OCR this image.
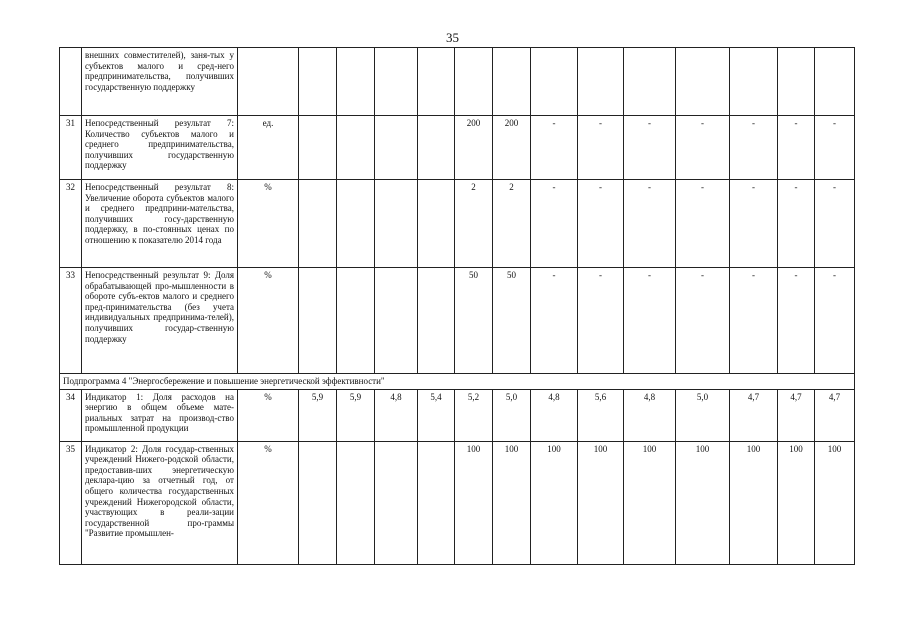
35
	внешних совместителей), заня-тых у субъектов малого и сред-него предпринимательства, получивших государственную поддержку														
31	Непосредственный результат 7: Количество субъектов малого и среднего предпринимательства, получивших государственную поддержку	ед.					200	200	-	-	-	-	-	-	-
32	Непосредственный результат 8: Увеличение оборота субъектов малого и среднего предприни-мательства, получивших госу-дарственную поддержку, в по-стоянных ценах по отношению к показателю 2014 года	%					2	2	-	-	-	-	-	-	-
33	Непосредственный результат 9: Доля обрабатывающей про-мышленности в обороте субъ-ектов малого и среднего пред-принимательства (без учета индивидуальных предпринима-телей), получивших государ-ственную поддержку	%					50	50	-	-	-	-	-	-	-
Подпрограмма 4 "Энергосбережение и повышение энергетической эффективности"															
34	Индикатор 1: Доля расходов на энергию в общем объеме мате-риальных затрат на производ-ство промышленной продукции	%	5,9	5,9	4,8	5,4	5,2	5,0	4,8	5,6	4,8	5,0	4,7	4,7	4,7
35	Индикатор 2: Доля государ-ственных учреждений Нижего-родской области, предоставив-ших энергетическую деклара-цию за отчетный год, от общего количества государственных учреждений Нижегородской области, участвующих в реали-зации государственной про-граммы "Развитие промышлен-	%					100	100	100	100	100	100	100	100	100
